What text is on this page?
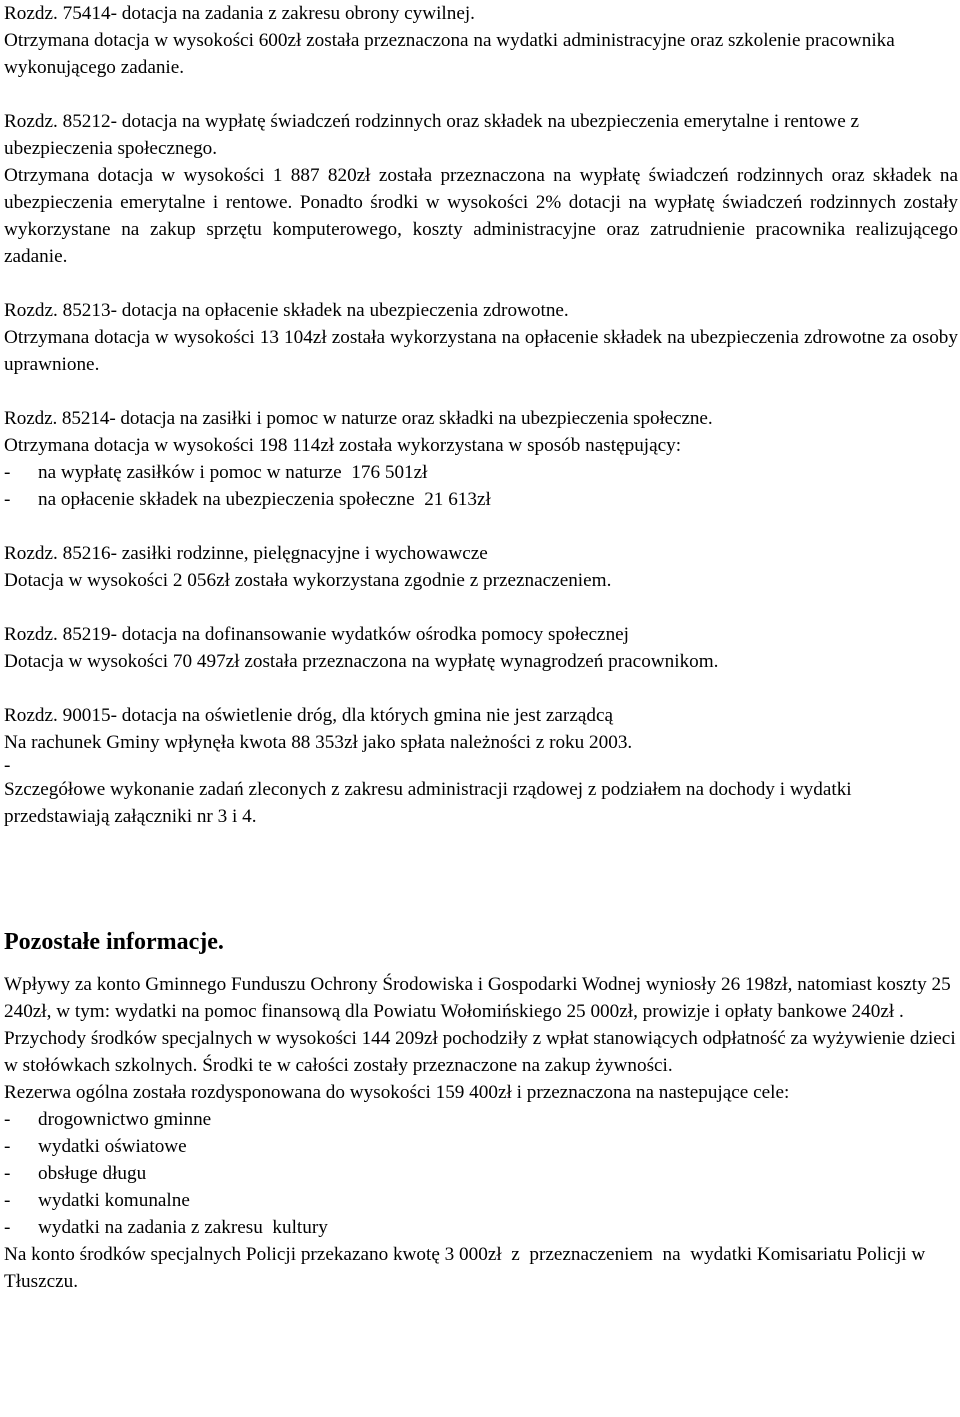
Rozdz. 75414- dotacja na zadania z zakresu obrony cywilnej.

Otrzymana dotacja w wysokości 600zł została przeznaczona na wydatki administracyjne oraz szkolenie pracownika wykonującego zadanie.

Rozdz. 85212- dotacja na wypłatę świadczeń rodzinnych oraz składek na ubezpieczenia emerytalne i rentowe z ubezpieczenia społecznego.

Otrzymana dotacja w wysokości 1 887 820zł została przeznaczona na wypłatę świadczeń rodzinnych oraz składek na ubezpieczenia emerytalne i rentowe. Ponadto środki w wysokości 2% dotacji na wypłatę świadczeń rodzinnych zostały wykorzystane na zakup sprzętu komputerowego, koszty administracyjne oraz zatrudnienie pracownika realizującego zadanie.

Rozdz. 85213- dotacja na opłacenie składek na ubezpieczenia zdrowotne.

Otrzymana dotacja w wysokości 13 104zł została wykorzystana na opłacenie składek na ubezpieczenia zdrowotne za osoby uprawnione.

Rozdz. 85214- dotacja na zasiłki i pomoc w naturze oraz składki na ubezpieczenia społeczne.

Otrzymana dotacja w wysokości 198 114zł została wykorzystana w sposób następujący:

-	na wypłatę zasiłków i pomoc w naturze  176 501zł
-	na opłacenie składek na ubezpieczenia społeczne  21 613zł

Rozdz. 85216- zasiłki rodzinne, pielęgnacyjne i wychowawcze

Dotacja w wysokości 2 056zł została wykorzystana zgodnie z przeznaczeniem.

Rozdz. 85219- dotacja na dofinansowanie wydatków ośrodka pomocy społecznej

Dotacja w wysokości 70 497zł została przeznaczona na wypłatę wynagrodzeń pracownikom.

Rozdz. 90015- dotacja na oświetlenie dróg, dla których gmina nie jest zarządcą

Na rachunek Gminy wpłynęła kwota 88 353zł jako spłata należności z roku 2003.

-

Szczegółowe wykonanie zadań zleconych z zakresu administracji rządowej z podziałem na dochody i wydatki przedstawiają załączniki nr 3 i 4.

Pozostałe informacje.

Wpływy za konto Gminnego Funduszu Ochrony Środowiska i Gospodarki Wodnej wyniosły 26 198zł, natomiast koszty 25 240zł, w tym: wydatki na pomoc finansową dla Powiatu Wołomińskiego 25 000zł, prowizje i opłaty bankowe 240zł .

Przychody środków specjalnych w wysokości 144 209zł pochodziły z wpłat stanowiących odpłatność za wyżywienie dzieci w stołówkach szkolnych. Środki te w całości zostały przeznaczone na zakup żywności.

Rezerwa ogólna została rozdysponowana do wysokości 159 400zł i przeznaczona na nastepujące cele:

-	drogownictwo gminne
-	wydatki oświatowe
-	obsługe długu
-	wydatki komunalne
-	wydatki na zadania z zakresu  kultury

Na konto środków specjalnych Policji przekazano kwotę 3 000zł  z  przeznaczeniem  na  wydatki Komisariatu Policji w Tłuszczu.
